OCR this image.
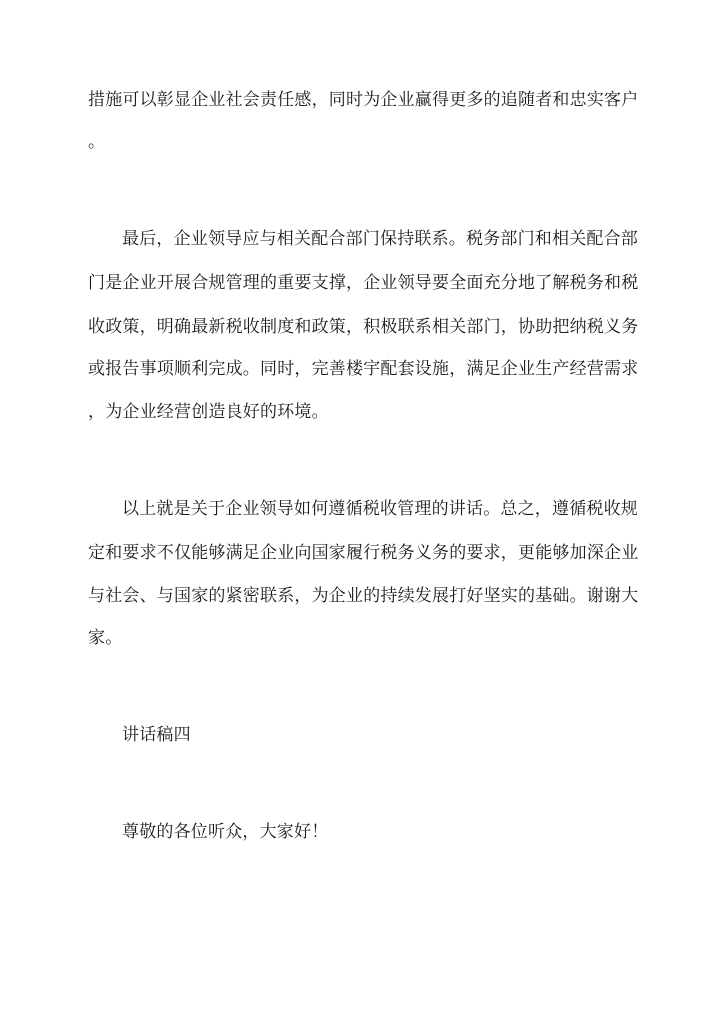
措施可以彰显企业社会责任感，同时为企业赢得更多的追随者和忠实客户
。
最后，企业领导应与相关配合部门保持联系。税务部门和相关配合部
门是企业开展合规管理的重要支撑，企业领导要全面充分地了解税务和税
收政策，明确最新税收制度和政策，积极联系相关部门，协助把纳税义务
或报告事项顺利完成。同时，完善楼宇配套设施，满足企业生产经营需求
，为企业经营创造良好的环境。
以上就是关于企业领导如何遵循税收管理的讲话。总之，遵循税收规
定和要求不仅能够满足企业向国家履行税务义务的要求，更能够加深企业
与社会、与国家的紧密联系，为企业的持续发展打好坚实的基础。谢谢大
家。
讲话稿四
尊敬的各位听众，大家好！
